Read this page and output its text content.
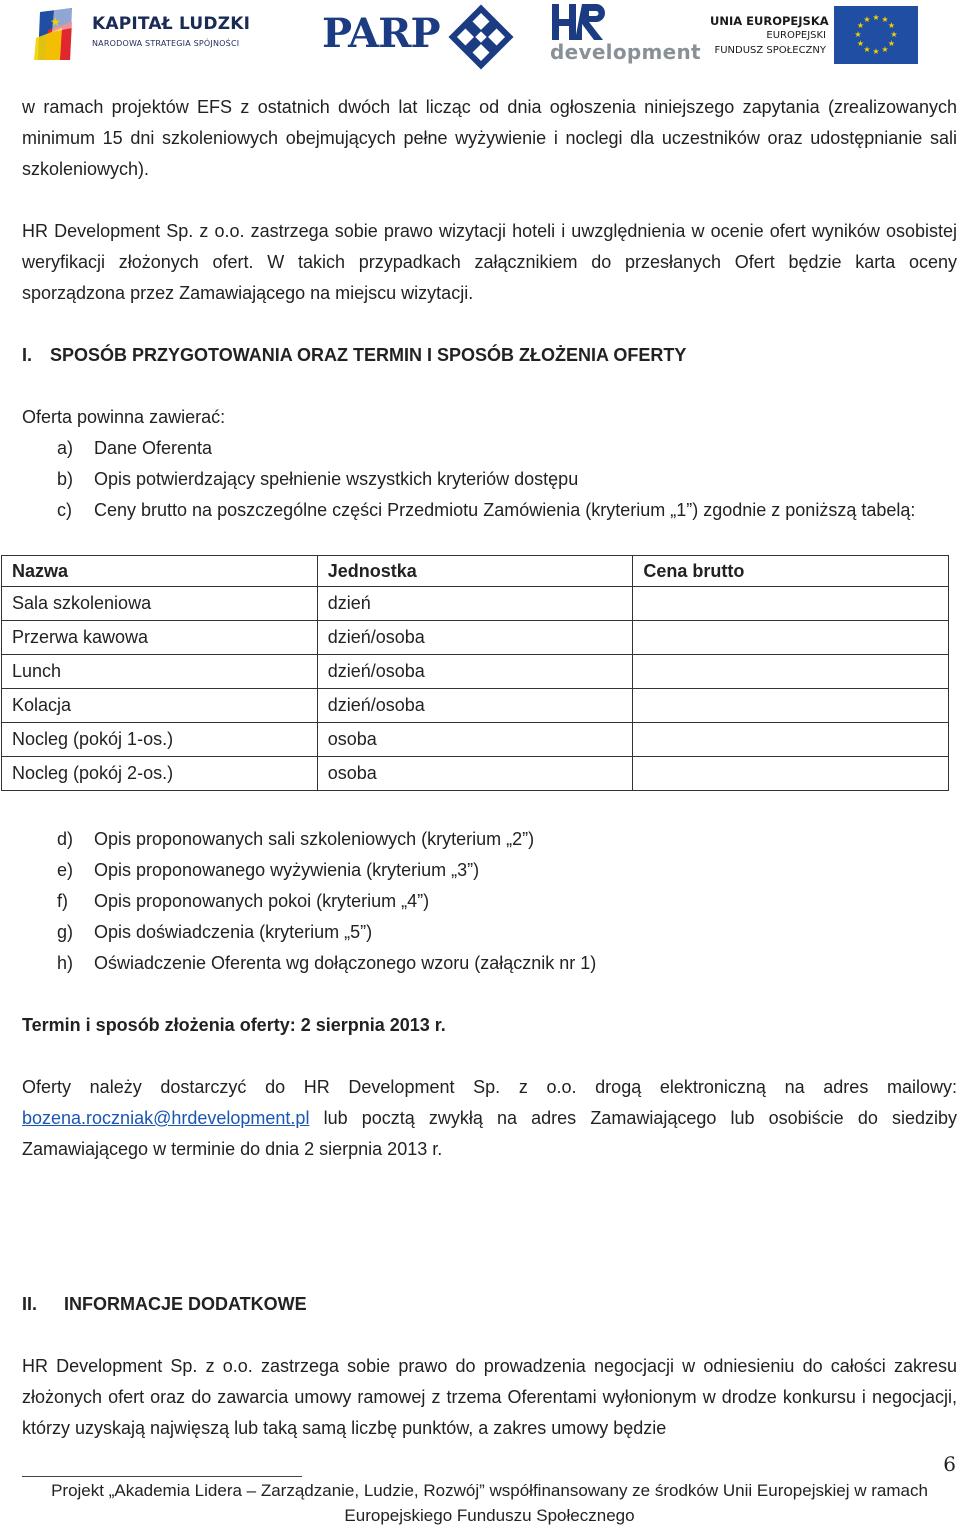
★ KAPITAŁ LUDZKI
NARODOWA STRATEGIA SPÓJNOŚCI PARP	development
UNIA EUROPEJSKA
EUROPEJSKI
FUNDUSZ SPOŁECZNY
★ ★
★
★
★
★
★
★
★
★
★
★

w ramach projektów EFS z ostatnich dwóch lat licząc od dnia ogłoszenia niniejszego zapytania (zrealizowanych minimum 15 dni szkoleniowych obejmujących pełne wyżywienie i noclegi dla uczestników oraz udostępnianie sali szkoleniowych).

HR Development Sp. z o.o. zastrzega sobie prawo wizytacji hoteli i uwzględnienia w ocenie ofert wyników osobistej weryfikacji złożonych ofert. W takich przypadkach załącznikiem do przesłanych Ofert będzie karta oceny sporządzona przez Zamawiającego na miejscu wizytacji.

I. SPOSÓB PRZYGOTOWANIA ORAZ TERMIN I SPOSÓB ZŁOŻENIA OFERTY

Oferta powinna zawierać:

a)	Dane Oferenta
b)	Opis potwierdzający spełnienie wszystkich kryteriów dostępu
c)	Ceny brutto na poszczególne części Przedmiotu Zamówienia (kryterium „1”) zgodnie z poniższą tabelą:
Nazwa	Jednostka	Cena brutto
Sala szkoleniowa	dzień	
Przerwa kawowa	dzień/osoba	
Lunch	dzień/osoba	
Kolacja	dzień/osoba	
Nocleg (pokój 1-os.)	osoba	
Nocleg (pokój 2-os.)	osoba	
d)	Opis proponowanych sali szkoleniowych (kryterium „2”)
e)	Opis proponowanego wyżywienia (kryterium „3”)
f)	Opis proponowanych pokoi (kryterium „4”)
g)	Opis doświadczenia (kryterium „5”)
h)	Oświadczenie Oferenta wg dołączonego wzoru (załącznik nr 1)

Termin i sposób złożenia oferty: 2 sierpnia 2013 r.

Oferty należy dostarczyć do HR Development Sp. z o.o. drogą elektroniczną na adres mailowy: bozena.roczniak@hrdevelopment.pl lub pocztą zwykłą na adres Zamawiającego lub osobiście do siedziby Zamawiającego w terminie do dnia 2 sierpnia 2013 r.

II.	INFORMACJE DODATKOWE

HR Development Sp. z o.o. zastrzega sobie prawo do prowadzenia negocjacji w odniesieniu do całości zakresu złożonych ofert oraz do zawarcia umowy ramowej z trzema Oferentami wyłonionym w drodze konkursu i negocjacji, którzy uzyskają najwięszą lub taką samą liczbę punktów, a zakres umowy będzie

6
Projekt „Akademia Lidera – Zarządzanie, Ludzie, Rozwój” współfinansowany ze środków Unii Europejskiej w ramach
Europejskiego Funduszu Społecznego
